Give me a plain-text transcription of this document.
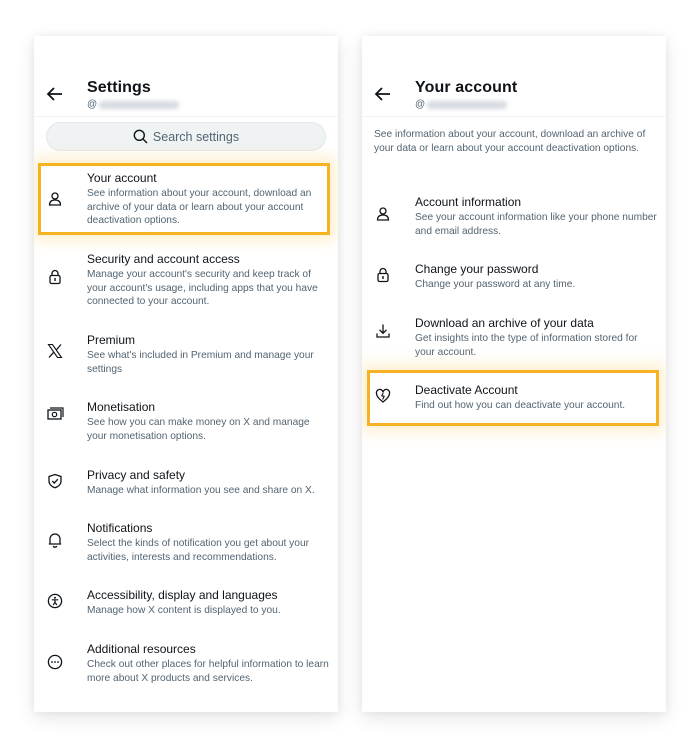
Settings
@
Search settings
Your account
See information about your account, download an archive of your data or learn about your account deactivation options.
Security and account access
Manage your account's security and keep track of your account's usage, including apps that you have connected to your account.
Premium
See what's included in Premium and manage your settings
Monetisation
See how you can make money on X and manage your monetisation options.
Privacy and safety
Manage what information you see and share on X.
Notifications
Select the kinds of notification you get about your activities, interests and recommendations.
Accessibility, display and languages
Manage how X content is displayed to you.
Additional resources
Check out other places for helpful information to learn more about X products and services.
Your account
@
See information about your account, download an archive of your data or learn about your account deactivation options.
Account information
See your account information like your phone number and email address.
Change your password
Change your password at any time.
Download an archive of your data
Get insights into the type of information stored for your account.
Deactivate Account
Find out how you can deactivate your account.
